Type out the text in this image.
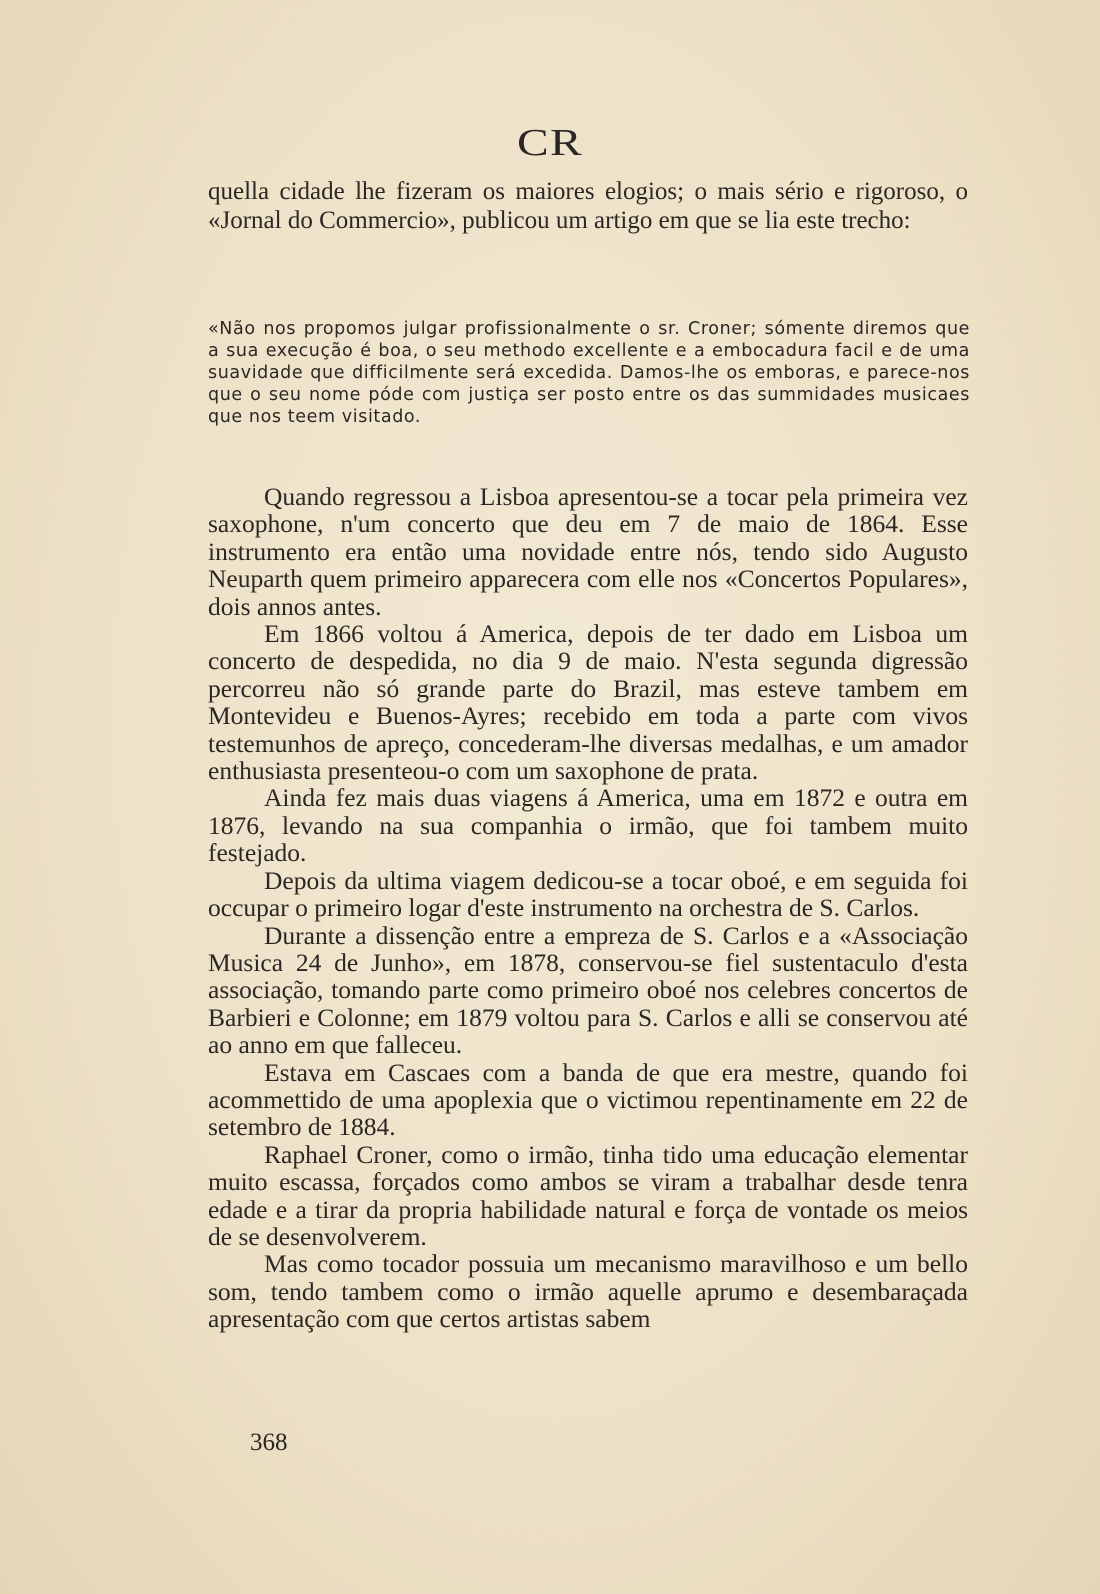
CR

quella cidade lhe fizeram os maiores elogios; o mais sério e rigoroso, o «Jornal do Commercio», publicou um artigo em que se lia este trecho:

«Não nos propomos julgar profissionalmente o sr. Croner; sómente diremos que a sua execução é boa, o seu methodo excellente e a embocadura facil e de uma suavidade que difficilmente será excedida. Damos-lhe os emboras, e parece-nos que o seu nome póde com justiça ser posto entre os das summidades musicaes que nos teem visitado.

Quando regressou a Lisboa apresentou-se a tocar pela primeira vez saxophone, n'um concerto que deu em 7 de maio de 1864. Esse instrumento era então uma novidade entre nós, tendo sido Augusto Neuparth quem primeiro apparecera com elle nos «Concertos Populares», dois annos antes.

Em 1866 voltou á America, depois de ter dado em Lisboa um concerto de despedida, no dia 9 de maio. N'esta segunda digressão percorreu não só grande parte do Brazil, mas esteve tambem em Montevideu e Buenos-Ayres; recebido em toda a parte com vivos testemunhos de apreço, concederam-lhe diversas medalhas, e um amador enthusiasta presenteou-o com um saxophone de prata.

Ainda fez mais duas viagens á America, uma em 1872 e outra em 1876, levando na sua companhia o irmão, que foi tambem muito festejado.

Depois da ultima viagem dedicou-se a tocar oboé, e em seguida foi occupar o primeiro logar d'este instrumento na orchestra de S. Carlos.

Durante a dissenção entre a empreza de S. Carlos e a «Associação Musica 24 de Junho», em 1878, conservou-se fiel sustentaculo d'esta associação, tomando parte como primeiro oboé nos celebres concertos de Barbieri e Colonne; em 1879 voltou para S. Carlos e alli se conservou até ao anno em que falleceu.

Estava em Cascaes com a banda de que era mestre, quando foi acommettido de uma apoplexia que o victimou repentinamente em 22 de setembro de 1884.

Raphael Croner, como o irmão, tinha tido uma educação elementar muito escassa, forçados como ambos se viram a trabalhar desde tenra edade e a tirar da propria habilidade natural e força de vontade os meios de se desenvolverem.

Mas como tocador possuia um mecanismo maravilhoso e um bello som, tendo tambem como o irmão aquelle aprumo e desembaraçada apresentação com que certos artistas sabem

368
